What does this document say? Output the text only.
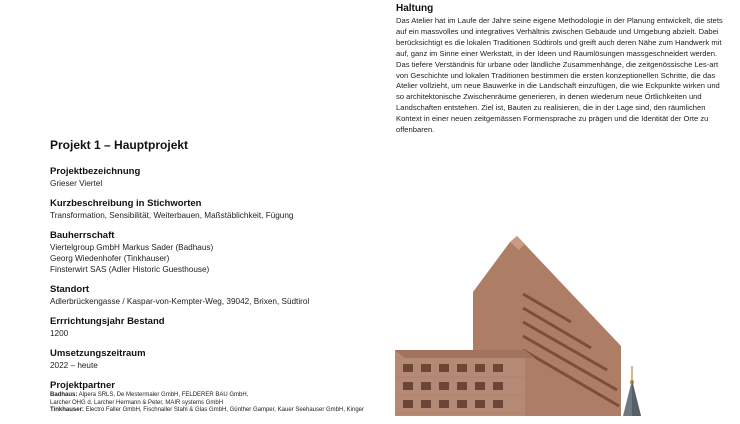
Haltung

Das Atelier hat im Laufe der Jahre seine eigene Methodologie in der Planung entwickelt, die stets auf ein massvolles und integratives Verhältnis zwischen Gebäude und Umgebung abzielt. Dabei berücksichtigt es die lokalen Traditionen Südtirols und greift auch deren Nähe zum Handwerk mit auf, ganz im Sinne einer Werkstatt, in der Ideen und Raumlösungen massgeschneidert werden. Das tiefere Verständnis für urbane oder ländliche Zusammenhänge, die zeitgenössische Les-art von Geschichte und lokalen Traditionen bestimmen die ersten konzeptionellen Schritte, die das Atelier vollzieht, um neue Bauwerke in die Landschaft einzufügen, die wie Eckpunkte wirken und so architektonische Zwischenräume generieren, in denen wiederum neue Örtlichkeiten und Landschaften entstehen. Ziel ist, Bauten zu realisieren, die in der Lage sind, den räumlichen Kontext in einer neuen zeitgemässen Formensprache zu prägen und die Identität der Orte zu offenbaren.

Projekt 1 – Hauptprojekt
Projektbezeichnung
Grieser Viertel
Kurzbeschreibung in Stichworten
Transformation, Sensibilität, Weiterbauen, Maßstäblichkeit, Fügung
Bauherrschaft
Viertelgroup GmbH Markus Sader (Badhaus)
Georg Wiedenhofer (Tinkhauser)
Finsterwirt SAS (Adler Historic Guesthouse)
Standort
Adlerbrückengasse / Kaspar-von-Kempter-Weg, 39042, Brixen, Südtirol
Errrichtungsjahr Bestand
1200
Umsetzungszeitraum
2022 – heute
Projektpartner
Badhaus: Alpera SRLS, De Mestermaler GmbH, FELDERER BAU GmbH,
Larcher OHG d. Larcher Hermann & Peter, MAIR systems GmbH
Tinkhauser: Electro Faller GmbH, Fischnaller Stahl & Glas GmbH, Günther Gamper, Kauer Seehauser GmbH, Kinger
